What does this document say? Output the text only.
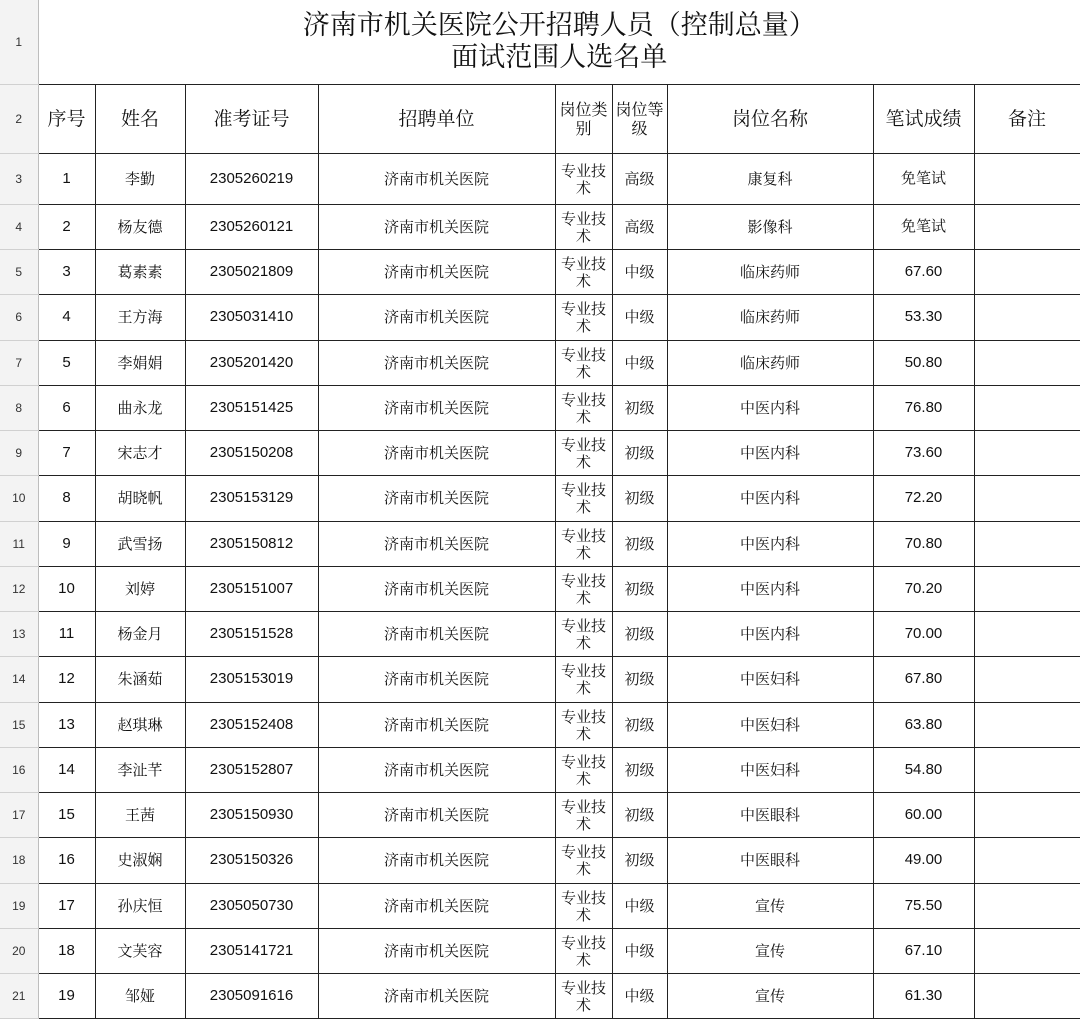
1	济南市机关医院公开招聘人员（控制总量）
面试范围人选名单								

2	序号	姓名	准考证号	招聘单位	岗位类别	岗位等级	岗位名称	笔试成绩	备注
3	1	李勤	2305260219	济南市机关医院	专业技术	高级	康复科	免笔试	
4	2	杨友德	2305260121	济南市机关医院	专业技术	高级	影像科	免笔试	
5	3	葛素素	2305021809	济南市机关医院	专业技术	中级	临床药师	67.60	
6	4	王方海	2305031410	济南市机关医院	专业技术	中级	临床药师	53.30	
7	5	李娟娟	2305201420	济南市机关医院	专业技术	中级	临床药师	50.80	
8	6	曲永龙	2305151425	济南市机关医院	专业技术	初级	中医内科	76.80	
9	7	宋志才	2305150208	济南市机关医院	专业技术	初级	中医内科	73.60	
10	8	胡晓帆	2305153129	济南市机关医院	专业技术	初级	中医内科	72.20	
11	9	武雪扬	2305150812	济南市机关医院	专业技术	初级	中医内科	70.80	
12	10	刘婷	2305151007	济南市机关医院	专业技术	初级	中医内科	70.20	
13	11	杨金月	2305151528	济南市机关医院	专业技术	初级	中医内科	70.00	
14	12	朱涵茹	2305153019	济南市机关医院	专业技术	初级	中医妇科	67.80	
15	13	赵琪琳	2305152408	济南市机关医院	专业技术	初级	中医妇科	63.80	
16	14	李沚芊	2305152807	济南市机关医院	专业技术	初级	中医妇科	54.80	
17	15	王茜	2305150930	济南市机关医院	专业技术	初级	中医眼科	60.00	
18	16	史淑娴	2305150326	济南市机关医院	专业技术	初级	中医眼科	49.00	
19	17	孙庆恒	2305050730	济南市机关医院	专业技术	中级	宣传	75.50	
20	18	文芙容	2305141721	济南市机关医院	专业技术	中级	宣传	67.10	
21	19	邹娅	2305091616	济南市机关医院	专业技术	中级	宣传	61.30	
